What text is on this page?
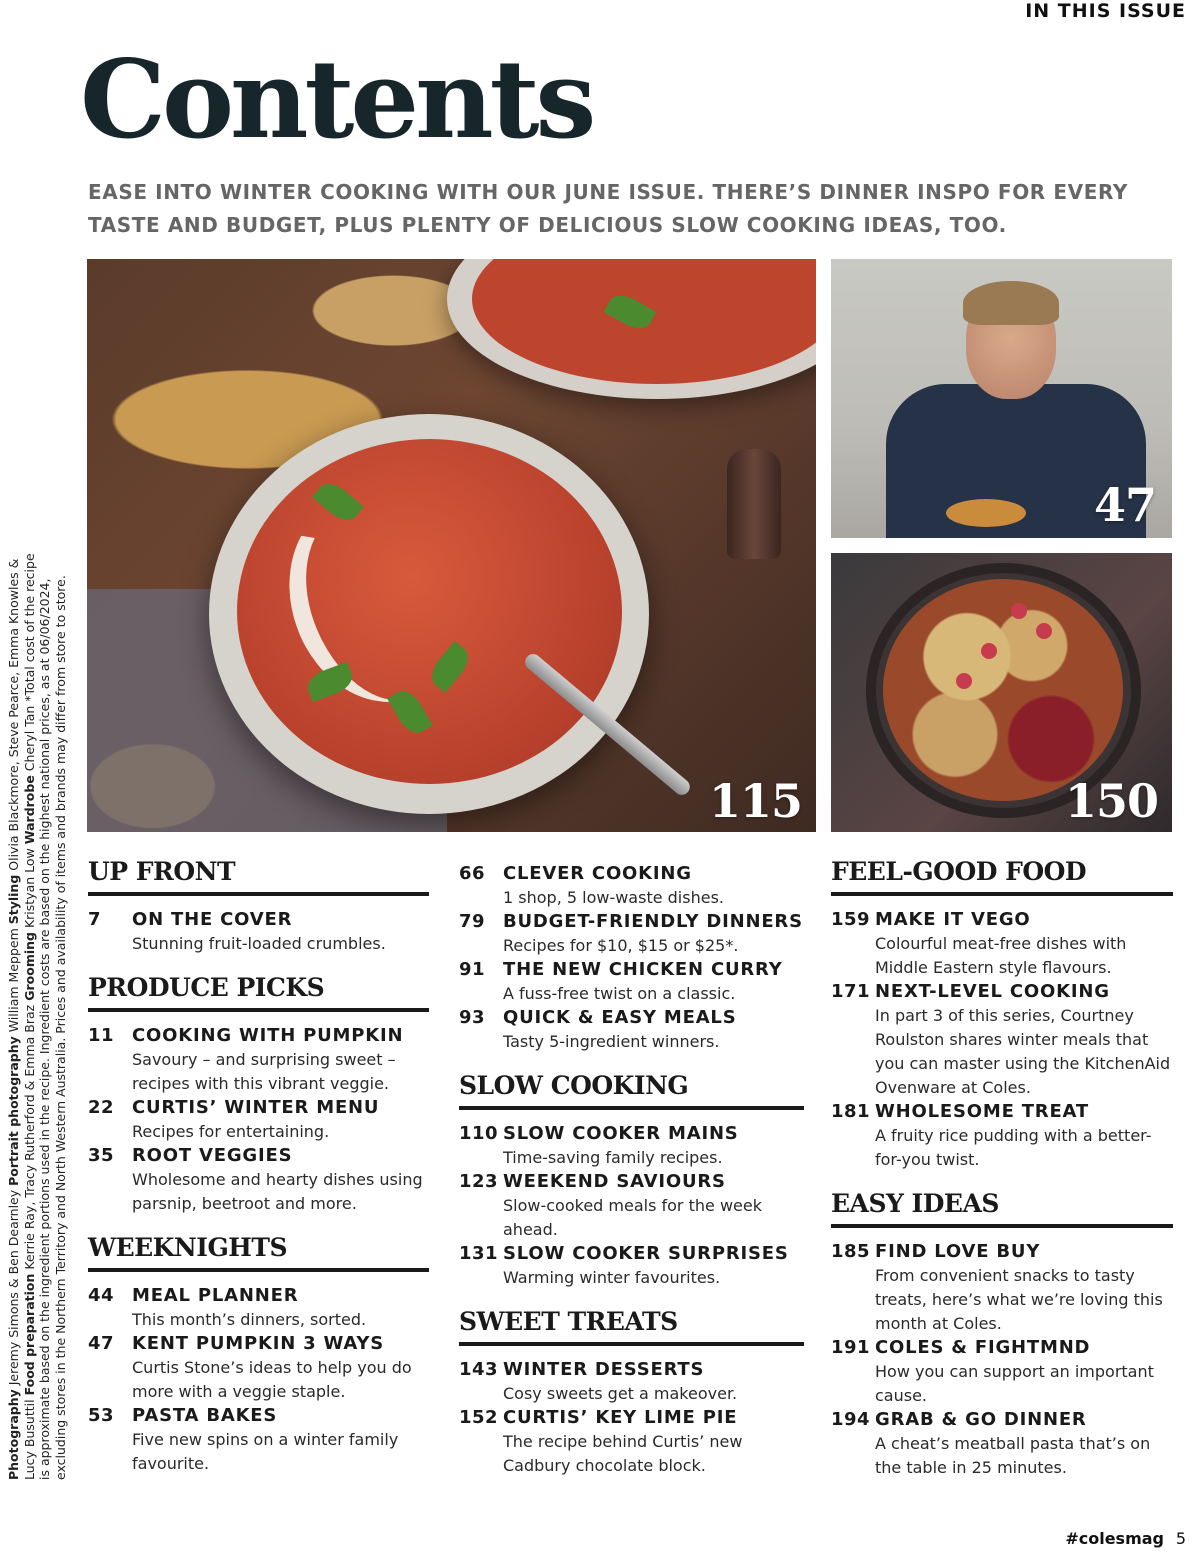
IN THIS ISSUE
Contents

EASE INTO WINTER COOKING WITH OUR JUNE ISSUE. THERE’S DINNER INSPO FOR EVERY TASTE AND BUDGET, PLUS PLENTY OF DELICIOUS SLOW COOKING IDEAS, TOO.

115
47
150
Photography Jeremy Simons & Ben Dearnley Portrait photography William Meppem Styling Olivia Blackmore, Steve Pearce, Emma Knowles & Lucy Busuttil Food preparation Kerrie Ray, Tracy Rutherford & Emma Braz Grooming Kristyan Low Wardrobe Cheryl Tan *Total cost of the recipe is approximate based on the ingredient portions used in the recipe. Ingredient costs are based on the highest national prices, as at 06/06/2024, excluding stores in the Northern Territory and North Western Australia. Prices and availability of items and brands may differ from store to store. UP FRONT
7 ON THE COVER
Stunning fruit-loaded crumbles.
PRODUCE PICKS
11 COOKING WITH PUMPKIN
Savoury – and surprising sweet – recipes with this vibrant veggie.
22 CURTIS’ WINTER MENU
Recipes for entertaining.
35 ROOT VEGGIES
Wholesome and hearty dishes using parsnip, beetroot and more.
WEEKNIGHTS
44 MEAL PLANNER
This month’s dinners, sorted.
47 KENT PUMPKIN 3 WAYS
Curtis Stone’s ideas to help you do more with a veggie staple.
53 PASTA BAKES
Five new spins on a winter family favourite.
66 CLEVER COOKING
1 shop, 5 low-waste dishes.
79 BUDGET-FRIENDLY DINNERS
Recipes for $10, $15 or $25*.
91 THE NEW CHICKEN CURRY
A fuss-free twist on a classic.
93 QUICK & EASY MEALS
Tasty 5-ingredient winners.
SLOW COOKING
110 SLOW COOKER MAINS
Time-saving family recipes.
123 WEEKEND SAVIOURS
Slow-cooked meals for the week ahead.
131 SLOW COOKER SURPRISES
Warming winter favourites.
SWEET TREATS
143 WINTER DESSERTS
Cosy sweets get a makeover.
152 CURTIS’ KEY LIME PIE
The recipe behind Curtis’ new Cadbury chocolate block.
FEEL-GOOD FOOD
159 MAKE IT VEGO
Colourful meat-free dishes with Middle Eastern style flavours.
171 NEXT-LEVEL COOKING
In part 3 of this series, Courtney Roulston shares winter meals that you can master using the KitchenAid Ovenware at Coles.
181 WHOLESOME TREAT
A fruity rice pudding with a better-for-you twist.
EASY IDEAS
185 FIND LOVE BUY
From convenient snacks to tasty treats, here’s what we’re loving this month at Coles.
191 COLES & FIGHTMND
How you can support an important cause.
194 GRAB & GO DINNER
A cheat’s meatball pasta that’s on the table in 25 minutes.
#colesmag 5
